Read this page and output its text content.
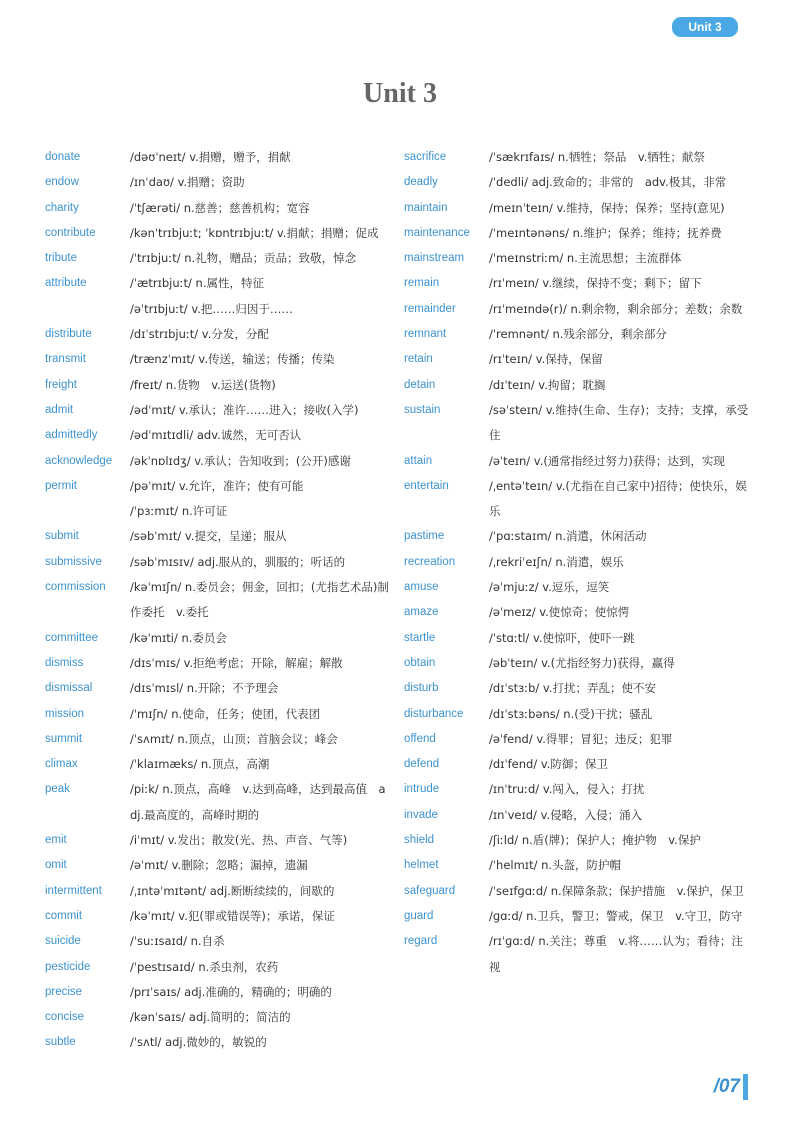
Unit 3
Unit 3
donate	/dəʊˈneɪt/ v.捐赠，赠予，捐献
endow	/ɪnˈdaʊ/ v.捐赠；资助
charity	/ˈtʃærəti/ n.慈善；慈善机构；宽容
contribute	/kənˈtrɪbjuːt; ˈkɒntrɪbjuːt/ v.捐献；捐赠；促成
tribute	/ˈtrɪbjuːt/ n.礼物，赠品；贡品；致敬，悼念
attribute	/ˈætrɪbjuːt/ n.属性，特征
/əˈtrɪbjuːt/ v.把……归因于……
distribute	/dɪˈstrɪbjuːt/ v.分发，分配
transmit	/trænzˈmɪt/ v.传送，输送；传播；传染
freight	/freɪt/ n.货物　v.运送(货物)
admit	/ədˈmɪt/ v.承认；准许……进入；接收(入学)
admittedly	/ədˈmɪtɪdli/ adv.诚然，无可否认
acknowledge /əkˈnɒlɪdʒ/ v.承认；告知收到；(公开)感谢
permit	/pəˈmɪt/ v.允许，准许；使有可能
/ˈpɜːmɪt/ n.许可证
submit	/səbˈmɪt/ v.提交，呈递；服从
submissive /səbˈmɪsɪv/ adj.服从的，驯服的；听话的
commission /kəˈmɪʃn/ n.委员会；佣金，回扣；(尤指艺术品)制作委托　v.委托
committee	/kəˈmɪti/ n.委员会
dismiss	/dɪsˈmɪs/ v.拒绝考虑；开除，解雇；解散
dismissal	/dɪsˈmɪsl/ n.开除；不予理会
mission	/ˈmɪʃn/ n.使命，任务；使团，代表团
summit	/ˈsʌmɪt/ n.顶点，山顶；首脑会议；峰会
climax	/ˈklaɪmæks/ n.顶点，高潮
peak	/piːk/ n.顶点，高峰　v.达到高峰，达到最高值　adj.最高度的，高峰时期的
emit	/iˈmɪt/ v.发出；散发(光、热、声音、气等)
omit	/əˈmɪt/ v.删除；忽略；漏掉，遗漏
intermittent /ˌɪntəˈmɪtənt/ adj.断断续续的，间歇的
commit	/kəˈmɪt/ v.犯(罪或错误等)；承诺，保证
suicide	/ˈsuːɪsaɪd/ n.自杀
pesticide	/ˈpestɪsaɪd/ n.杀虫剂，农药
precise	/prɪˈsaɪs/ adj.准确的，精确的；明确的
concise	/kənˈsaɪs/ adj.简明的；简洁的
subtle	/ˈsʌtl/ adj.微妙的，敏锐的
sacrifice	/ˈsækrɪfaɪs/ n.牺牲；祭品　v.牺牲；献祭
deadly	/ˈdedli/ adj.致命的；非常的　adv.极其，非常
maintain	/meɪnˈteɪn/ v.维持，保持；保养；坚持(意见)
maintenance /ˈmeɪntənəns/ n.维护；保养；维持；抚养费
mainstream /ˈmeɪnstriːm/ n.主流思想；主流群体
remain	/rɪˈmeɪn/ v.继续，保持不变；剩下；留下
remainder	/rɪˈmeɪndə(r)/ n.剩余物，剩余部分；差数；余数
remnant	/ˈremnənt/ n.残余部分，剩余部分
retain	/rɪˈteɪn/ v.保持，保留
detain	/dɪˈteɪn/ v.拘留；耽搁
sustain	/səˈsteɪn/ v.维持(生命、生存)；支持；支撑，承受住
attain	/əˈteɪn/ v.(通常指经过努力)获得；达到，实现
entertain	/ˌentəˈteɪn/ v.(尤指在自己家中)招待；使快乐，娱乐
pastime	/ˈpɑːstaɪm/ n.消遣，休闲活动
recreation	/ˌrekriˈeɪʃn/ n.消遣，娱乐
amuse	/əˈmjuːz/ v.逗乐，逗笑
amaze	/əˈmeɪz/ v.使惊奇；使惊愕
startle	/ˈstɑːtl/ v.使惊吓，使吓一跳
obtain	/əbˈteɪn/ v.(尤指经努力)获得，赢得
disturb	/dɪˈstɜːb/ v.打扰；弄乱；使不安
disturbance /dɪˈstɜːbəns/ n.(受)干扰；骚乱
offend	/əˈfend/ v.得罪；冒犯；违反；犯罪
defend	/dɪˈfend/ v.防御；保卫
intrude	/ɪnˈtruːd/ v.闯入，侵入；打扰
invade	/ɪnˈveɪd/ v.侵略，入侵；涌入
shield	/ʃiːld/ n.盾(牌)；保护人；掩护物　v.保护
helmet	/ˈhelmɪt/ n.头盔，防护帽
safeguard	/ˈseɪfɡɑːd/ n.保障条款；保护措施　v.保护，保卫
guard	/ɡɑːd/ n.卫兵，警卫；警戒，保卫　v.守卫，防守
regard	/rɪˈɡɑːd/ n.关注；尊重　v.将……认为；看待；注视
/07
